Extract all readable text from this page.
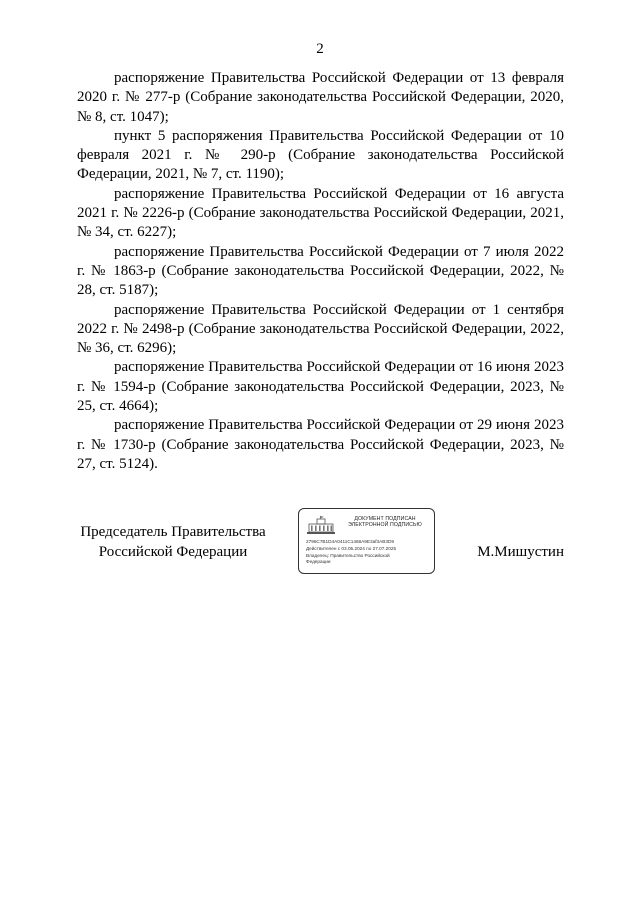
2

распоряжение Правительства Российской Федерации от 13 февраля 2020 г. № 277-р (Собрание законодательства Российской Федерации, 2020, № 8, ст. 1047);

пункт 5 распоряжения Правительства Российской Федерации от 10 февраля 2021 г. № 290-р (Собрание законодательства Российской Федерации, 2021, № 7, ст. 1190);

распоряжение Правительства Российской Федерации от 16 августа 2021 г. № 2226-р (Собрание законодательства Российской Федерации, 2021, № 34, ст. 6227);

распоряжение Правительства Российской Федерации от 7 июля 2022 г. № 1863-р (Собрание законодательства Российской Федерации, 2022, № 28, ст. 5187);

распоряжение Правительства Российской Федерации от 1 сентября 2022 г. № 2498-р (Собрание законодательства Российской Федерации, 2022, № 36, ст. 6296);

распоряжение Правительства Российской Федерации от 16 июня 2023 г. № 1594-р (Собрание законодательства Российской Федерации, 2023, № 25, ст. 4664);

распоряжение Правительства Российской Федерации от 29 июня 2023 г. № 1730-р (Собрание законодательства Российской Федерации, 2023, № 27, ст. 5124).

Председатель Правительства
Российской Федерации
ДОКУМЕНТ ПОДПИСАН
ЭЛЕКТРОННОЙ ПОДПИСЬЮ
2796C7B1D4A0411C1468A9E3af3AB3D9
Действителен с 03.05.2024 по 27.07.2025
Владелец: Правительство Российской
Федерации
М.Мишустин
